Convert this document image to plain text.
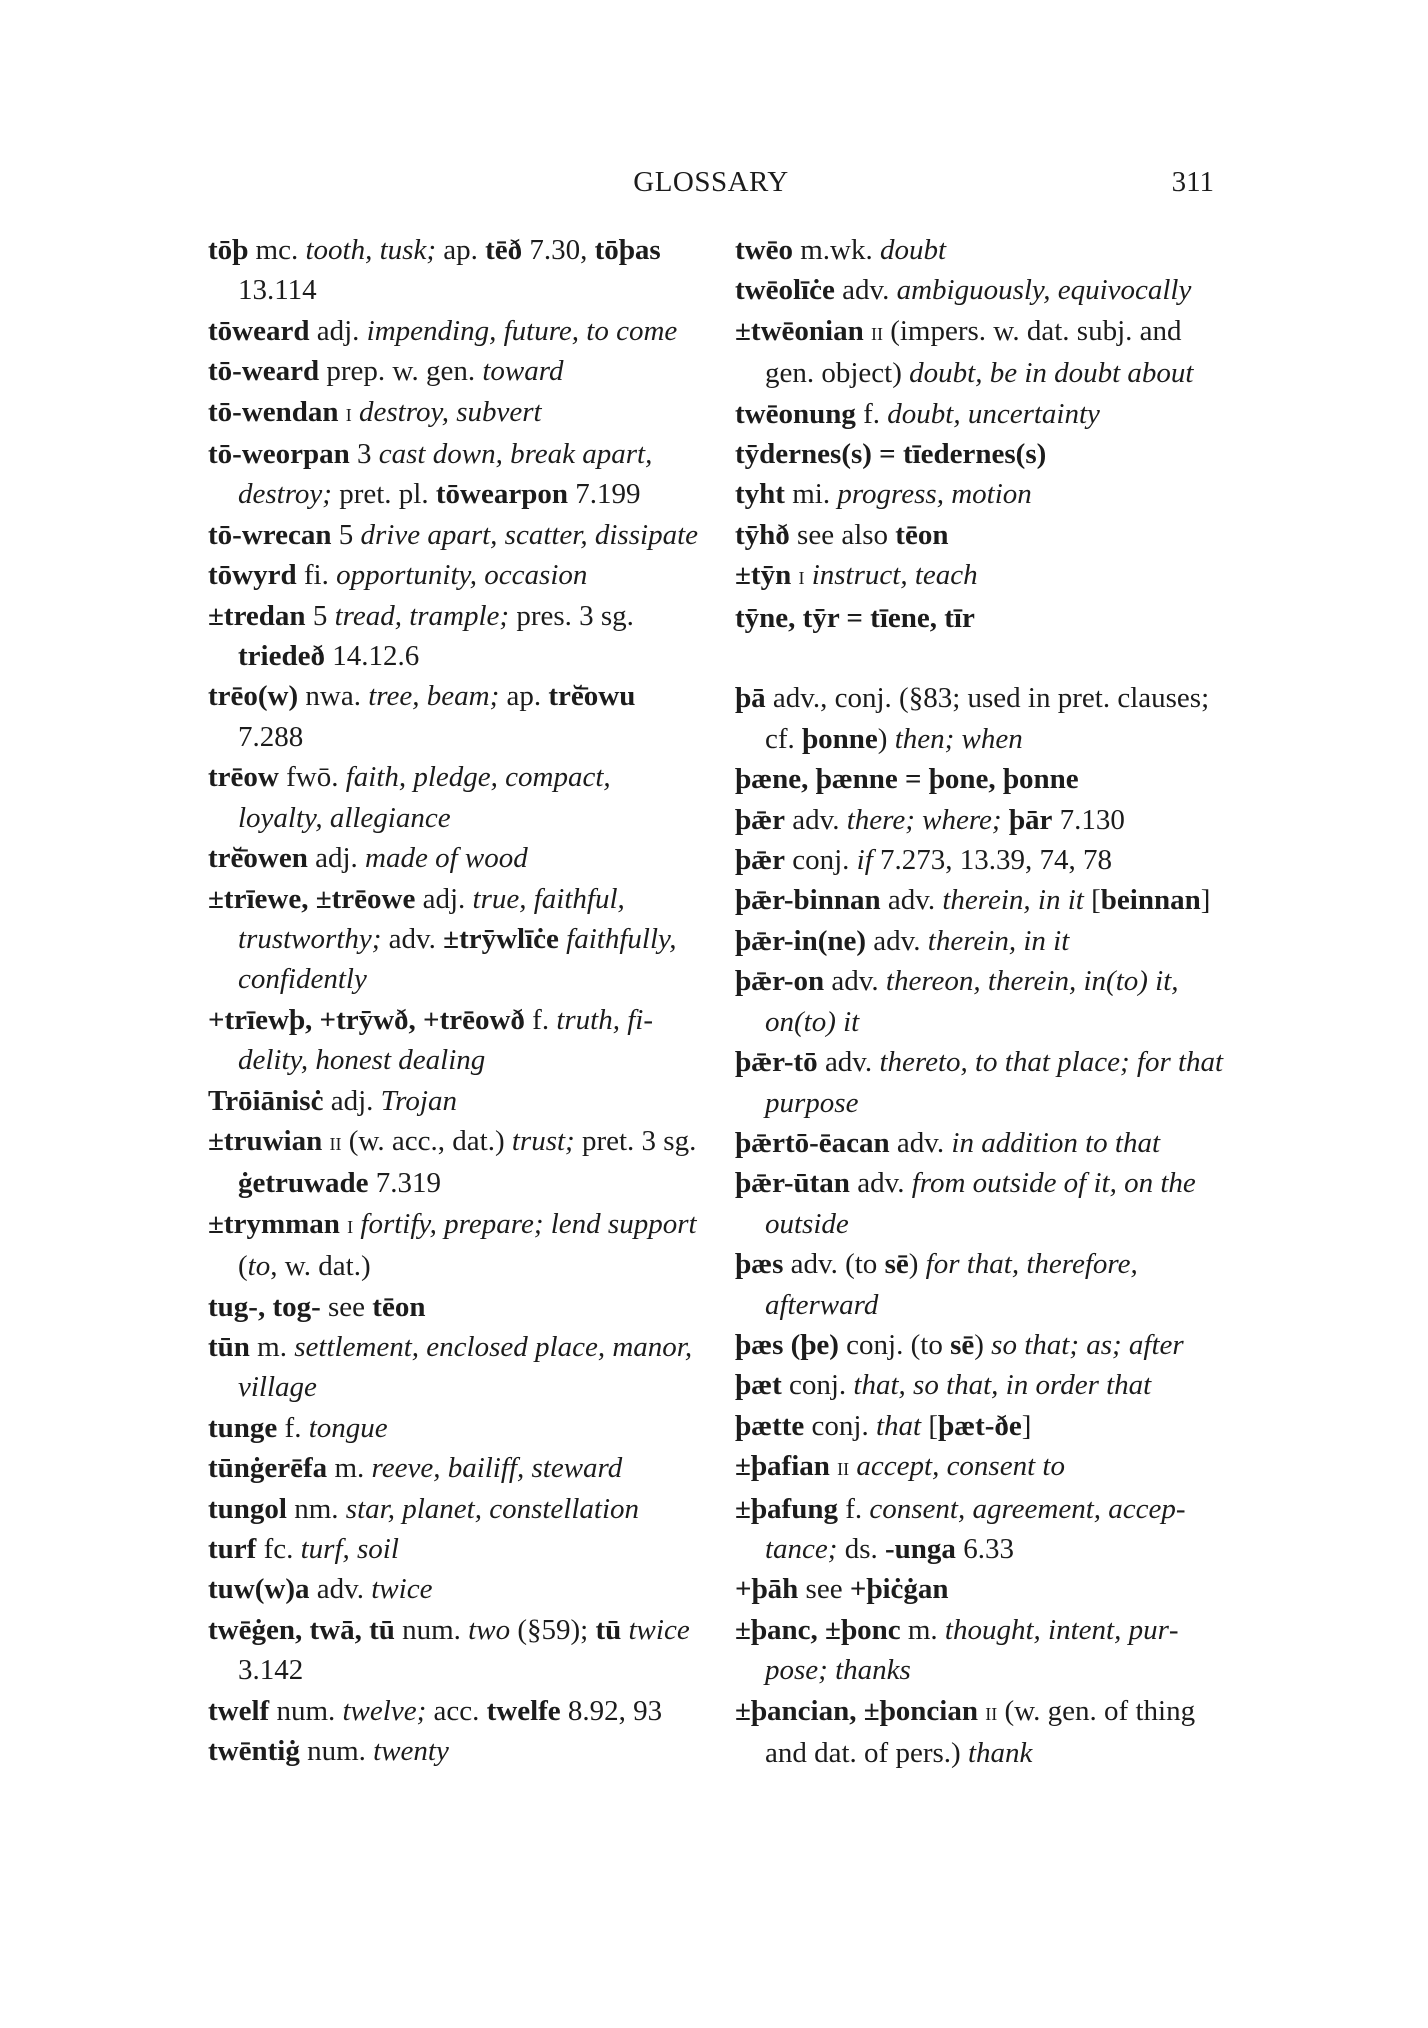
GLOSSARY	311

tōþ mc. tooth, tusk; ap. tēð 7.30, tōþas 13.114

tōweard adj. impending, future, to come

tō-weard prep. w. gen. toward

tō-wendan i destroy, subvert

tō-weorpan 3 cast down, break apart, destroy; pret. pl. tōwearpon 7.199

tō-wrecan 5 drive apart, scatter, dissipate

tōwyrd fi. opportunity, occasion

±tredan 5 tread, trample; pres. 3 sg. triedeð 14.12.6

trēo(w) nwa. tree, beam; ap. trĕ̄owu 7.288

trēow fwō. faith, pledge, compact, loyalty, allegiance

trĕ̄owen adj. made of wood

±trīewe, ±trēowe adj. true, faithful, trustworthy; adv. ±trȳwlīċe faithfully, confidently

+trīewþ, +trȳwð, +trēowð f. truth, fidelity, honest dealing

Trōiānisċ adj. Trojan

±truwian ii (w. acc., dat.) trust; pret. 3 sg. ġetruwade 7.319

±trymman i fortify, prepare; lend support (to, w. dat.)

tug-, tog- see tēon

tūn m. settlement, enclosed place, manor, village

tunge f. tongue

tūnġerēfa m. reeve, bailiff, steward

tungol nm. star, planet, constellation

turf fc. turf, soil

tuw(w)a adv. twice

twēġen, twā, tū num. two (§59); tū twice 3.142

twelf num. twelve; acc. twelfe 8.92, 93

twēntiġ num. twenty

twēo m.wk. doubt

twēolīċe adv. ambiguously, equivocally

±twēonian ii (impers. w. dat. subj. and gen. object) doubt, be in doubt about

twēonung f. doubt, uncertainty

tȳdernes(s) = tīedernes(s)

tyht mi. progress, motion

tȳhð see also tēon

±tȳn i instruct, teach

tȳne, tȳr = tīene, tīr

þā adv., conj. (§83; used in pret. clauses; cf. þonne) then; when

þæne, þænne = þone, þonne

þǣr adv. there; where; þār 7.130

þǣr conj. if 7.273, 13.39, 74, 78

þǣr-binnan adv. therein, in it [beinnan]

þǣr-in(ne) adv. therein, in it

þǣr-on adv. thereon, therein, in(to) it, on(to) it

þǣr-tō adv. thereto, to that place; for that purpose

þǣrtō-ēacan adv. in addition to that

þǣr-ūtan adv. from outside of it, on the outside

þæs adv. (to sē) for that, therefore, afterward

þæs (þe) conj. (to sē) so that; as; after

þæt conj. that, so that, in order that

þætte conj. that [þæt-ðe]

±þafian ii accept, consent to

±þafung f. consent, agreement, acceptance; ds. -unga 6.33

+þāh see +þiċġan

±þanc, ±þonc m. thought, intent, purpose; thanks

±þancian, ±þoncian ii (w. gen. of thing and dat. of pers.) thank
